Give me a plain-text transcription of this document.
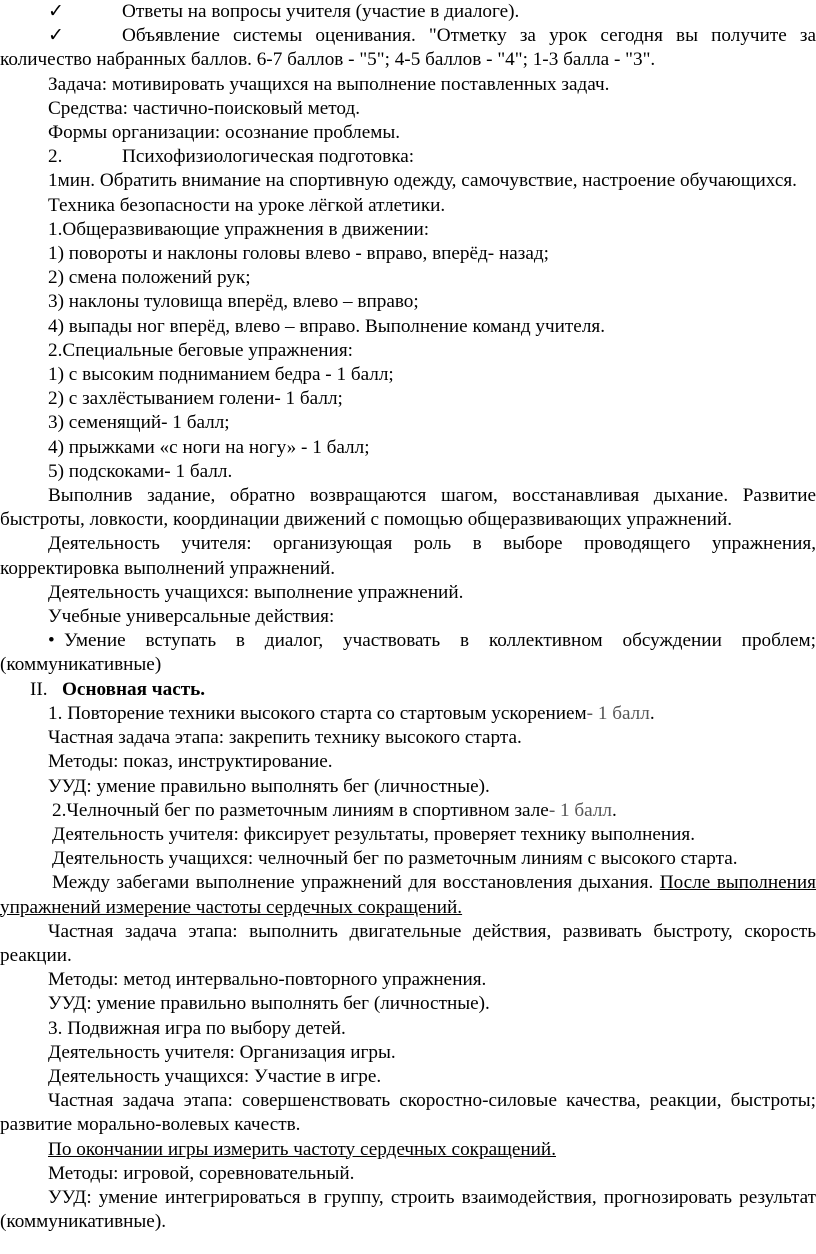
✓	Ответы на вопросы учителя (участие в диалоге).

✓	Объявление системы оценивания. "Отметку за урок сегодня вы получите за количество набранных баллов. 6-7 баллов - "5"; 4-5 баллов - "4"; 1-3 балла - "3".

Задача: мотивировать учащихся на выполнение поставленных задач.

Средства: частично-поисковый метод.

Формы организации: осознание проблемы.

2.	Психофизиологическая подготовка:

1мин. Обратить внимание на спортивную одежду, самочувствие, настроение обучающихся.

Техника безопасности на уроке лёгкой атлетики.

1.Общеразвивающие упражнения в движении:

1) повороты и наклоны головы влево - вправо, вперёд- назад;

2) смена положений рук;

3) наклоны туловища вперёд, влево – вправо;

4) выпады ног вперёд, влево – вправо. Выполнение команд учителя.

2.Специальные беговые упражнения:

1) с высоким подниманием бедра - 1 балл;

2) с захлёстыванием голени- 1 балл;

3) семенящий- 1 балл;

4) прыжками «с ноги на ногу» - 1 балл;

5) подскоками- 1 балл.

Выполнив задание, обратно возвращаются шагом, восстанавливая дыхание. Развитие быстроты, ловкости, координации движений с помощью общеразвивающих упражнений.

Деятельность учителя: организующая роль в выборе проводящего упражнения, корректировка выполнений упражнений.

Деятельность учащихся: выполнение упражнений.

Учебные универсальные действия:

• Умение вступать в диалог, участвовать в коллективном обсуждении проблем; (коммуникативные)

II. Основная часть.

1. Повторение техники высокого старта со стартовым ускорением- 1 балл.

Частная задача этапа: закрепить технику высокого старта.

Методы: показ, инструктирование.

УУД: умение правильно выполнять бег (личностные).

2.Челночный бег по разметочным линиям в спортивном зале- 1 балл.

Деятельность учителя: фиксирует результаты, проверяет технику выполнения.

Деятельность учащихся: челночный бег по разметочным линиям с высокого старта.

Между забегами выполнение упражнений для восстановления дыхания. После выполнения упражнений измерение частоты сердечных сокращений.

Частная задача этапа: выполнить двигательные действия, развивать быстроту, скорость реакции.

Методы: метод интервально-повторного упражнения.

УУД: умение правильно выполнять бег (личностные).

3. Подвижная игра по выбору детей.

Деятельность учителя: Организация игры.

Деятельность учащихся: Участие в игре.

Частная задача этапа: совершенствовать скоростно-силовые качества, реакции, быстроты; развитие морально-волевых качеств.

По окончании игры измерить частоту сердечных сокращений.

Методы: игровой, соревновательный.

УУД: умение интегрироваться в группу, строить взаимодействия, прогнозировать результат (коммуникативные).
